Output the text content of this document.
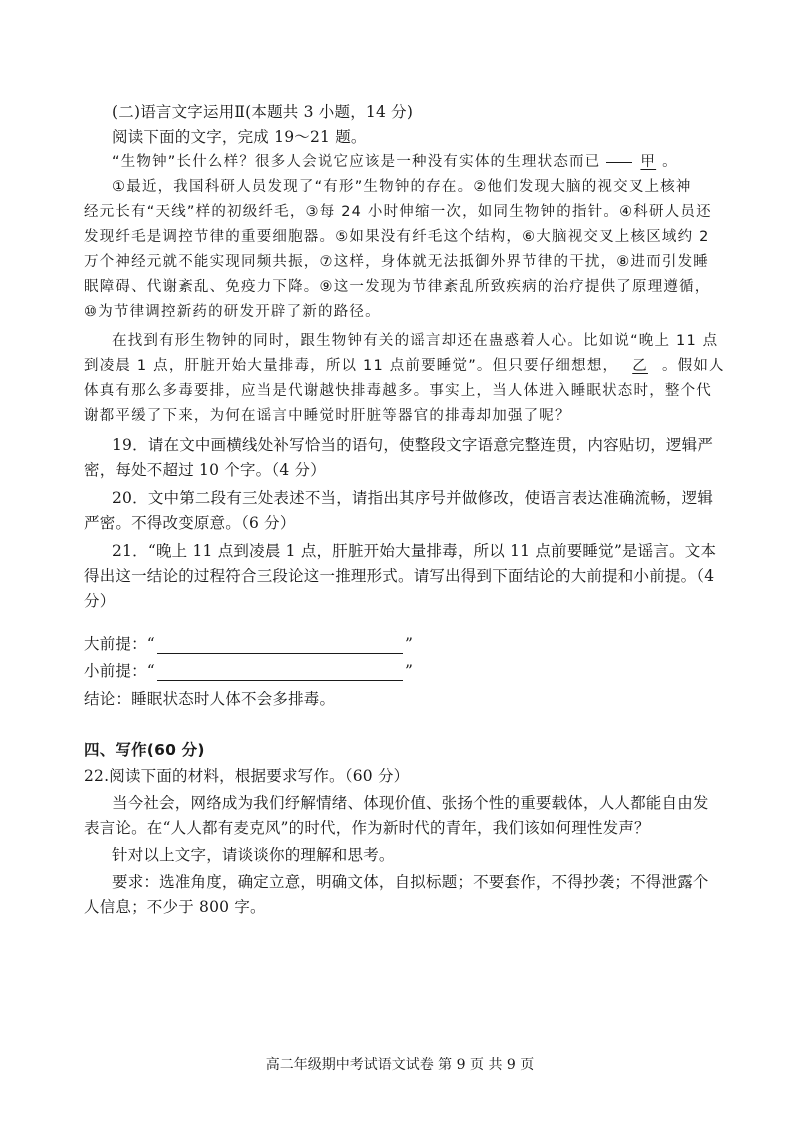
(二)语言文字运用Ⅱ(本题共 3 小题，14 分)
阅读下面的文字，完成 19～21 题。
“生物钟”长什么样？很多人会说它应该是一种没有实体的生理状态而已	甲 。
①最近，我国科研人员发现了“有形”生物钟的存在。②他们发现大脑的视交叉上核神
经元长有“天线”样的初级纤毛，③每 24 小时伸缩一次，如同生物钟的指针。④科研人员还
发现纤毛是调控节律的重要细胞器。⑤如果没有纤毛这个结构，⑥大脑视交叉上核区域约 2
万个神经元就不能实现同频共振，⑦这样，身体就无法抵御外界节律的干扰，⑧进而引发睡
眠障碍、代谢紊乱、免疫力下降。⑨这一发现为节律紊乱所致疾病的治疗提供了原理遵循，
⑩为节律调控新药的研发开辟了新的路径。
在找到有形生物钟的同时，跟生物钟有关的谣言却还在蛊惑着人心。比如说“晚上 11 点
到凌晨 1 点，肝脏开始大量排毒，所以 11 点前要睡觉”。但只要仔细想想， 乙 。假如人
体真有那么多毒要排，应当是代谢越快排毒越多。事实上，当人体进入睡眠状态时，整个代
谢都平缓了下来，为何在谣言中睡觉时肝脏等器官的排毒却加强了呢？
19．请在文中画横线处补写恰当的语句，使整段文字语意完整连贯，内容贴切，逻辑严
密，每处不超过 10 个字。（4 分）
20．文中第二段有三处表述不当，请指出其序号并做修改，使语言表达准确流畅，逻辑
严密。不得改变原意。（6 分）
21．“晚上 11 点到凌晨 1 点，肝脏开始大量排毒，所以 11 点前要睡觉”是谣言。文本
得出这一结论的过程符合三段论这一推理形式。请写出得到下面结论的大前提和小前提。（4
分）
大前提：“	”
小前提：“	”
结论：睡眠状态时人体不会多排毒。
四、写作(60 分)
22.阅读下面的材料，根据要求写作。（60 分）
当今社会，网络成为我们纾解情绪、体现价值、张扬个性的重要载体，人人都能自由发
表言论。在“人人都有麦克风”的时代，作为新时代的青年，我们该如何理性发声？
针对以上文字，请谈谈你的理解和思考。
要求：选准角度，确定立意，明确文体，自拟标题；不要套作，不得抄袭；不得泄露个
人信息；不少于 800 字。
高二年级期中考试语文试卷 第 9 页 共 9 页
